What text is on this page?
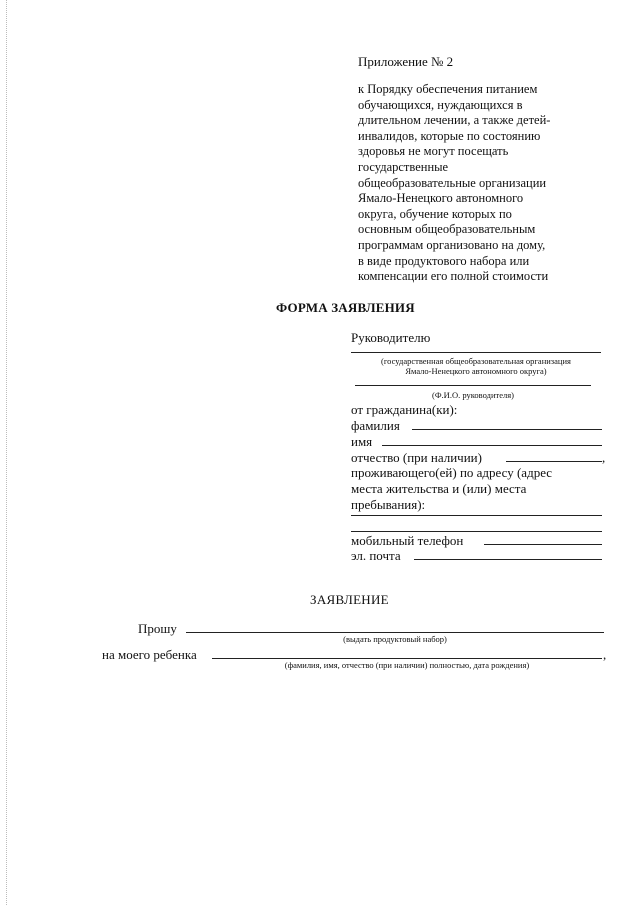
Приложение № 2
к Порядку обеспечения питанием
обучающихся, нуждающихся в
длительном лечении, а также детей-
инвалидов, которые по состоянию
здоровья не могут посещать
государственные
общеобразовательные организации
Ямало-Ненецкого автономного
округа, обучение которых по
основным общеобразовательным
программам организовано на дому,
в виде продуктового набора или
компенсации его полной стоимости
ФОРМА ЗАЯВЛЕНИЯ
Руководителю
(государственная общеобразовательная организация
Ямало-Ненецкого автономного округа)
(Ф.И.О. руководителя)
от гражданина(ки):
фамилия
имя
отчество (при наличии)	,
проживающего(ей) по адресу (адрес
места жительства и (или) места
пребывания):
мобильный телефон
эл. почта
ЗАЯВЛЕНИЕ
Прошу
(выдать продуктовый набор)
на моего ребенка	,
(фамилия, имя, отчество (при наличии) полностью, дата рождения)
